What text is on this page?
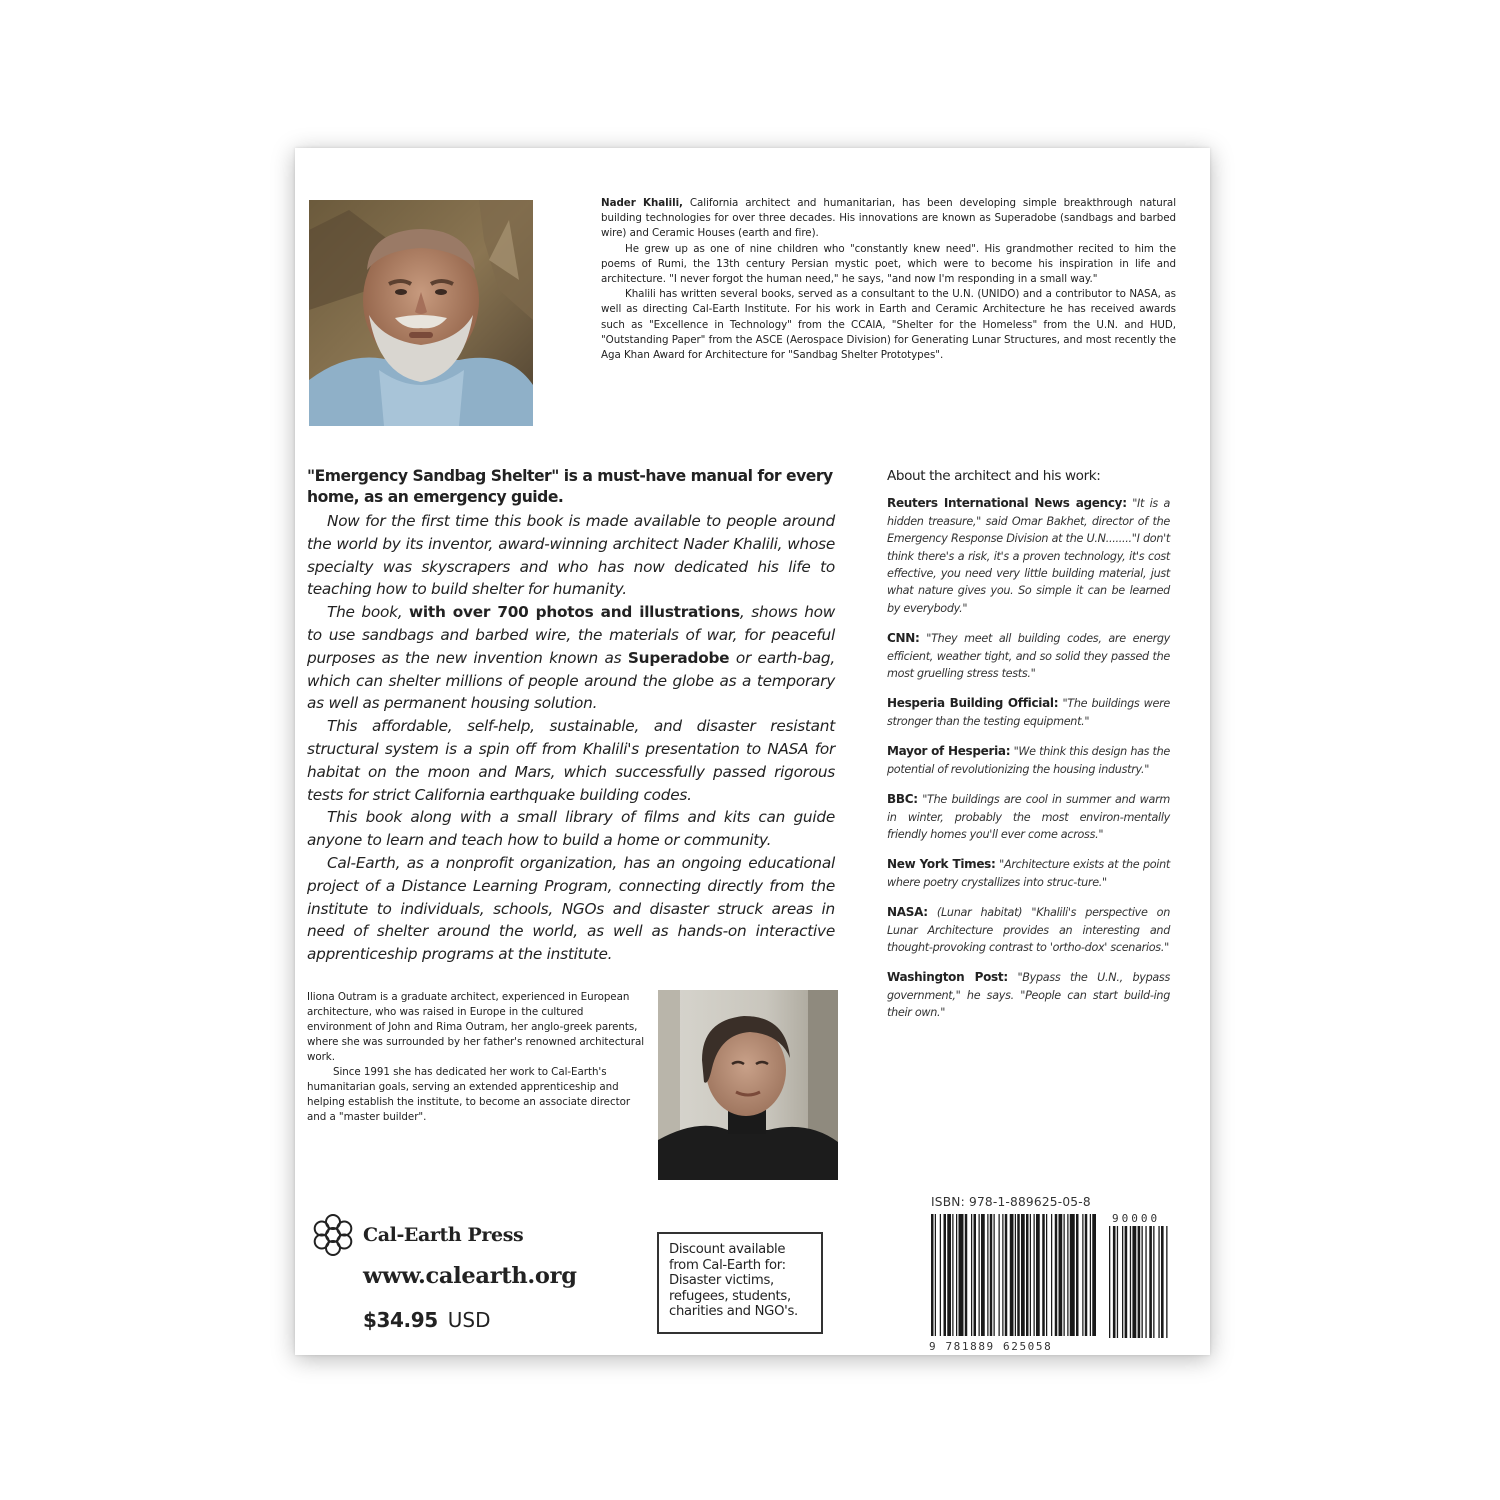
Nader Khalili, California architect and humanitarian, has been developing simple breakthrough natural building technologies for over three decades. His innovations are known as Superadobe (sandbags and barbed wire) and Ceramic Houses (earth and fire).

He grew up as one of nine children who "constantly knew need". His grandmother recited to him the poems of Rumi, the 13th century Persian mystic poet, which were to become his inspiration in life and architecture. "I never forgot the human need," he says, "and now I'm responding in a small way."

Khalili has written several books, served as a consultant to the U.N. (UNIDO) and a contributor to NASA, as well as directing Cal-Earth Institute. For his work in Earth and Ceramic Architecture he has received awards such as "Excellence in Technology" from the CCAIA, "Shelter for the Homeless" from the U.N. and HUD, "Outstanding Paper" from the ASCE (Aerospace Division) for Generating Lunar Structures, and most recently the Aga Khan Award for Architecture for "Sandbag Shelter Prototypes".

"Emergency Sandbag Shelter" is a must-have manual for every home, as an emergency guide.

Now for the first time this book is made available to people around the world by its inventor, award-winning architect Nader Khalili, whose specialty was skyscrapers and who has now dedicated his life to teaching how to build shelter for humanity.

The book, with over 700 photos and illustrations, shows how to use sandbags and barbed wire, the materials of war, for peaceful purposes as the new invention known as Superadobe or earth-bag, which can shelter millions of people around the globe as a temporary as well as permanent housing solution.

This affordable, self-help, sustainable, and disaster resistant structural system is a spin off from Khalili's presentation to NASA for habitat on the moon and Mars, which successfully passed rigorous tests for strict California earthquake building codes.

This book along with a small library of films and kits can guide anyone to learn and teach how to build a home or community.

Cal-Earth, as a nonprofit organization, has an ongoing educational project of a Distance Learning Program, connecting directly from the institute to individuals, schools, NGOs and disaster struck areas in need of shelter around the world, as well as hands-on interactive apprenticeship programs at the institute.

About the architect and his work:
Reuters International News agency: "It is a hidden treasure," said Omar Bakhet, director of the Emergency Response Division at the U.N........"I don't think there's a risk, it's a proven technology, it's cost effective, you need very little building material, just what nature gives you. So simple it can be learned by everybody."
CNN: "They meet all building codes, are energy efficient, weather tight, and so solid they passed the most gruelling stress tests."
Hesperia Building Official: "The buildings were stronger than the testing equipment."
Mayor of Hesperia: "We think this design has the potential of revolutionizing the housing industry."
BBC: "The buildings are cool in summer and warm in winter, probably the most environ-mentally friendly homes you'll ever come across."
New York Times: "Architecture exists at the point where poetry crystallizes into struc-ture."
NASA: (Lunar habitat) "Khalili's perspective on Lunar Architecture provides an interesting and thought-provoking contrast to 'ortho-dox' scenarios."
Washington Post: "Bypass the U.N., bypass government," he says. "People can start build-ing their own."

Iliona Outram is a graduate architect, experienced in European architecture, who was raised in Europe in the cultured environment of John and Rima Outram, her anglo-greek parents, where she was surrounded by her father's renowned architectural work.

Since 1991 she has dedicated her work to Cal-Earth's humanitarian goals, serving an extended apprenticeship and helping establish the institute, to become an associate director and a "master builder".

Cal-Earth Press
www.calearth.org
$34.95 USD
Discount available from Cal-Earth for: Disaster victims, refugees, students, charities and NGO's.
ISBN: 978-1-889625-05-8
9 781889 625058
90000
